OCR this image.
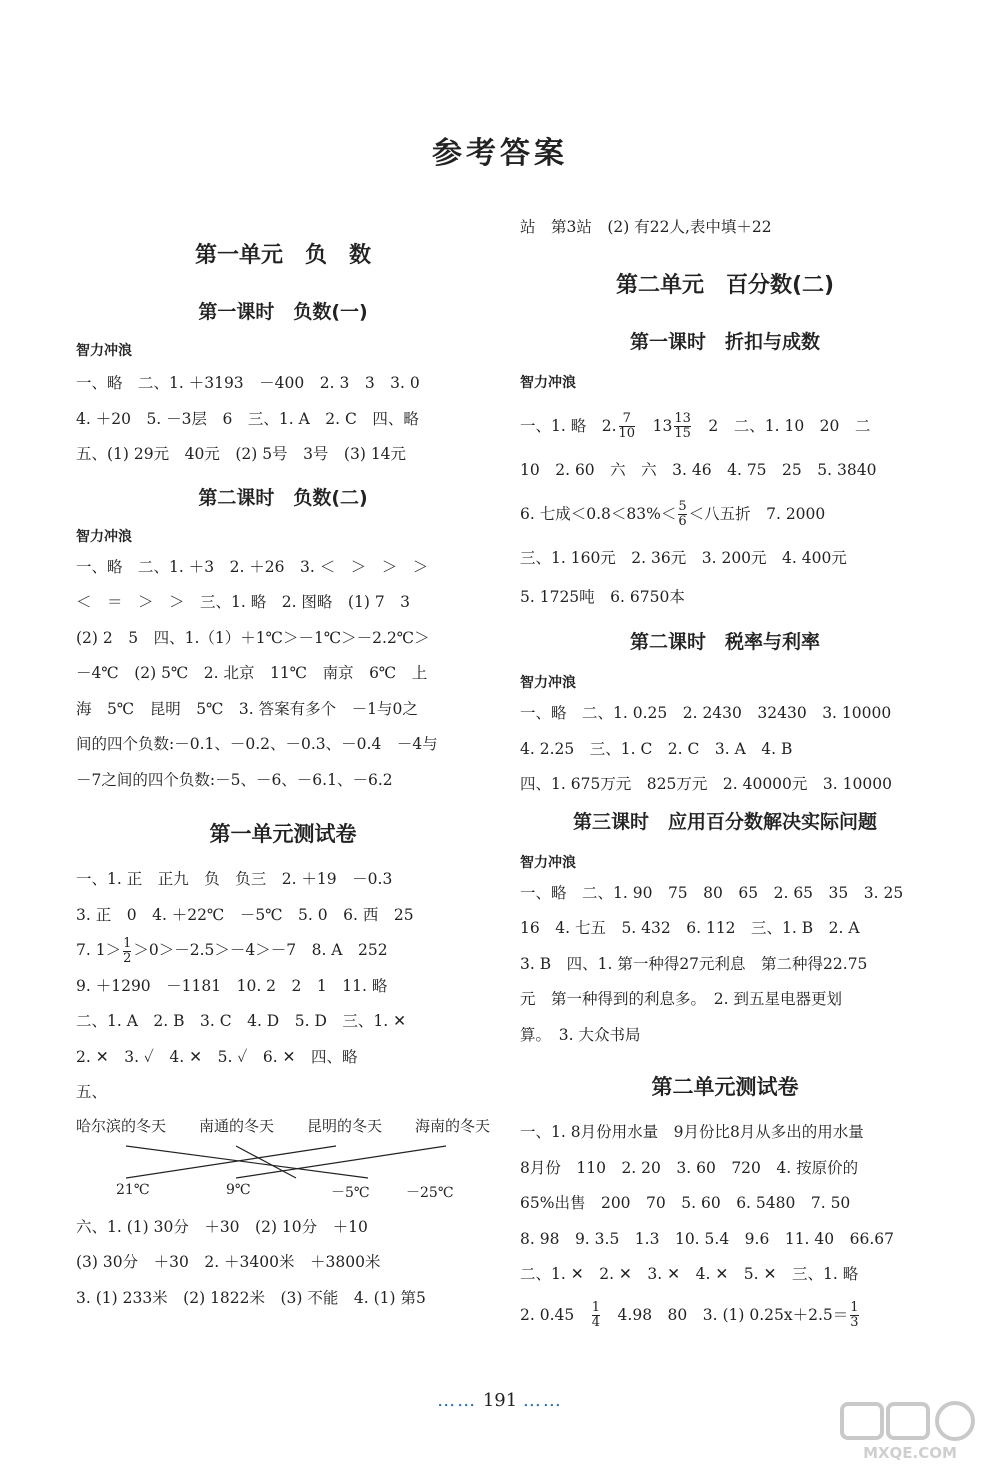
参考答案
第一单元　负　数
第一课时　负数(一)
智力冲浪
一、略　二、1. ＋3193　－400　2. 3　3　3. 0
4. ＋20　5. －3层　6　三、1. A　2. C　四、略
五、(1) 29元　40元　(2) 5号　3号　(3) 14元
第二课时　负数(二)
智力冲浪
一、略　二、1. ＋3　2. ＋26　3. ＜　＞　＞　＞
＜　＝　＞　＞　三、1. 略　2. 图略　(1) 7　3
(2) 2　5　四、1.（1）＋1℃＞－1℃＞－2.2℃＞
－4℃　(2) 5℃　2. 北京　11℃　南京　6℃　上
海　5℃　昆明　5℃　3. 答案有多个　－1与0之
间的四个负数:－0.1、－0.2、－0.3、－0.4　－4与
－7之间的四个负数:－5、－6、－6.1、－6.2
第一单元测试卷
一、1. 正　正九　负　负三　2. ＋19　－0.3
3. 正　0　4. ＋22℃　－5℃　5. 0　6. 西　25
7. $1> \frac{1}{2} >0>-2.5>-4>-7$　8. A　252
9. ＋1290　－1181　10. 2　2　1　11. 略
二、1. A　2. B　3. C　4. D　5. D　三、1. ✕
2. ✕　3. ✓　4. ✕　5. ✓　6. ✕　四、略
五、
哈尔滨的冬天 南通的冬天 昆明的冬天 海南的冬天
21℃	9℃	－5℃	－25℃
六、1. (1) 30分　＋30　(2) 10分　＋10
(3) 30分　＋30　2. ＋3400米　＋3800米
3. (1) 233米　(2) 1822米　(3) 不能　4. (1) 第5
站　第3站　(2) 有22人,表中填＋22
第二单元　百分数(二)
第一课时　折扣与成数
智力冲浪
一、1. 略　2. $\frac{7}{10}$
　 $13 \frac{13}{15}$
　 2　二、1. 10　20　二
10　2. 60　六　六　3. 46　4. 75　25　5. 3840
6. 七成$<0.8<83\%< \frac{5}{6}$ ＜八五折　7. 2000
三、1. 160元　2. 36元　3. 200元　4. 400元
5. 1725吨　6. 6750本
第二课时　税率与利率
智力冲浪
一、略　二、1. 0.25　2. 2430　32430　3. 10000
4. 2.25　三、1. C　2. C　3. A　4. B
四、1. 675万元　825万元　2. 40000元　3. 10000
第三课时　应用百分数解决实际问题
智力冲浪
一、略　二、1. 90　75　80　65　2. 65　35　3. 25
16　4. 七五　5. 432　6. 112　三、1. B　2. A
3. B　四、1. 第一种得27元利息　第二种得22.75
元　第一种得到的利息多。　2. 到五星电器更划
算。　3. 大众书局
第二单元测试卷
一、1. 8月份用水量　9月份比8月从多出的用水量
8月份　110　2. 20　3. 60　720　4. 按原价的
65%出售　200　70　5. 60　6. 5480　7. 50
8. 98　9. 3.5　1.3　10. 5.4　9.6　11. 40　66.67
二、1. ✕　2. ✕　3. ✕　4. ✕　5. ✕　三、1. 略
2. 0.45　 $\frac{1}{4}$
　 4.98　80　3. (1) $0.25x+2.5= \frac{1}{3}$
…… 191 ……
MXQE.COM
